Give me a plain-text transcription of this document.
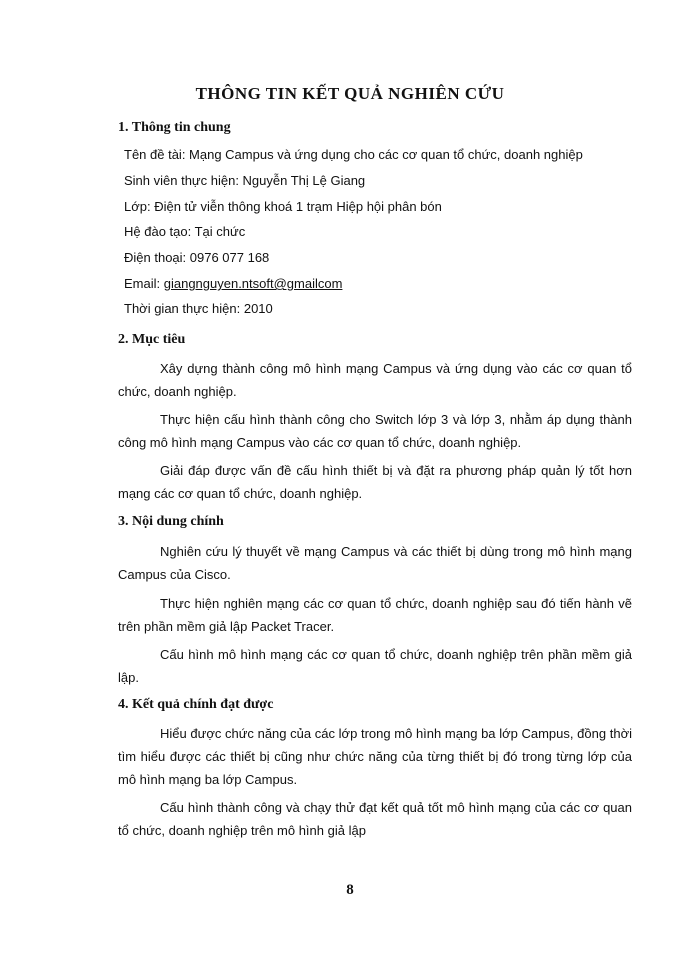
THÔNG TIN KẾT QUẢ NGHIÊN CỨU
1. Thông tin chung
Tên đề tài: Mạng Campus và ứng dụng cho các cơ quan tổ chức, doanh nghiệp
Sinh viên thực hiện: Nguyễn Thị Lệ Giang
Lớp: Điện tử viễn thông khoá 1 trạm Hiệp hội phân bón
Hệ đào tạo: Tại chức
Điện thoại: 0976 077 168
Email: giangnguyen.ntsoft@gmailcom
Thời gian thực hiện: 2010
2. Mục tiêu
Xây dựng thành công mô hình mạng Campus và ứng dụng vào các cơ quan tổ chức, doanh nghiệp.
Thực hiện cấu hình thành công cho Switch lớp 3 và lớp 3, nhằm áp dụng thành công mô hình mạng Campus vào các cơ quan tổ chức, doanh nghiệp.
Giải đáp được vấn đề cấu hình thiết bị và đặt ra phương pháp quản lý tốt hơn mạng các cơ quan tổ chức, doanh nghiệp.
3. Nội dung chính
Nghiên cứu lý thuyết về mạng Campus và các thiết bị dùng trong mô hình mạng Campus của Cisco.
Thực hiện nghiên mạng các cơ quan tổ chức, doanh nghiệp sau đó tiến hành vẽ trên phần mềm giả lập Packet Tracer.
Cấu hình mô hình mạng các cơ quan tổ chức, doanh nghiệp trên phần mềm giả lập.
4. Kết quả chính đạt được
Hiểu được chức năng của các lớp trong mô hình mạng ba lớp Campus, đồng thời tìm hiểu được các thiết bị cũng như chức năng của từng thiết bị đó trong từng lớp của mô hình mạng ba lớp Campus.
Cấu hình thành công và chạy thử đạt kết quả tốt mô hình mạng của các cơ quan tổ chức, doanh nghiệp trên mô hình giả lập
8
